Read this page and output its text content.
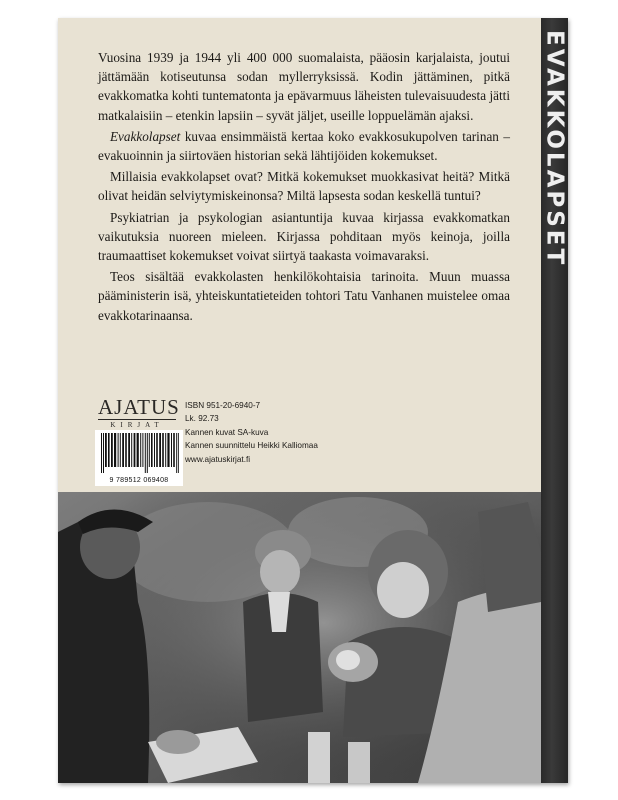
Vuosina 1939 ja 1944 yli 400 000 suomalaista, pääosin karjalaista, joutui jättämään kotiseutunsa sodan myllerryksissä. Kodin jättäminen, pitkä evakkomatka kohti tuntematonta ja epävarmuus läheisten tulevaisuudesta jätti matkalaisiin – etenkin lapsiin – syvät jäljet, useille loppuelämän ajaksi.

Evakkolapset kuvaa ensimmäistä kertaa koko evakkosukupolven tarinan – evakuoinnin ja siirtoväen historian sekä lähtijöiden kokemukset.

Millaisia evakkolapset ovat? Mitkä kokemukset muokkasivat heitä? Mitkä olivat heidän selviytymiskeinonsa? Miltä lapsesta sodan keskellä tuntui?

Psykiatrian ja psykologian asiantuntija kuvaa kirjassa evakkomatkan vaikutuksia nuoreen mieleen. Kirjassa pohditaan myös keinoja, joilla traumaattiset kokemukset voivat siirtyä taakasta voimavaraksi.

Teos sisältää evakkolasten henkilökohtaisia tarinoita. Muun muassa pääministerin isä, yhteiskuntatieteiden tohtori Tatu Vanhanen muistelee omaa evakkotarinaansa.

AJATUS
KIRJAT
9 789512 069408
ISBN 951-20-6940-7
Lk. 92.73
Kannen kuvat SA-kuva
Kannen suunnittelu Heikki Kalliomaa
www.ajatuskirjat.fi
EVAKKOLAPSET
